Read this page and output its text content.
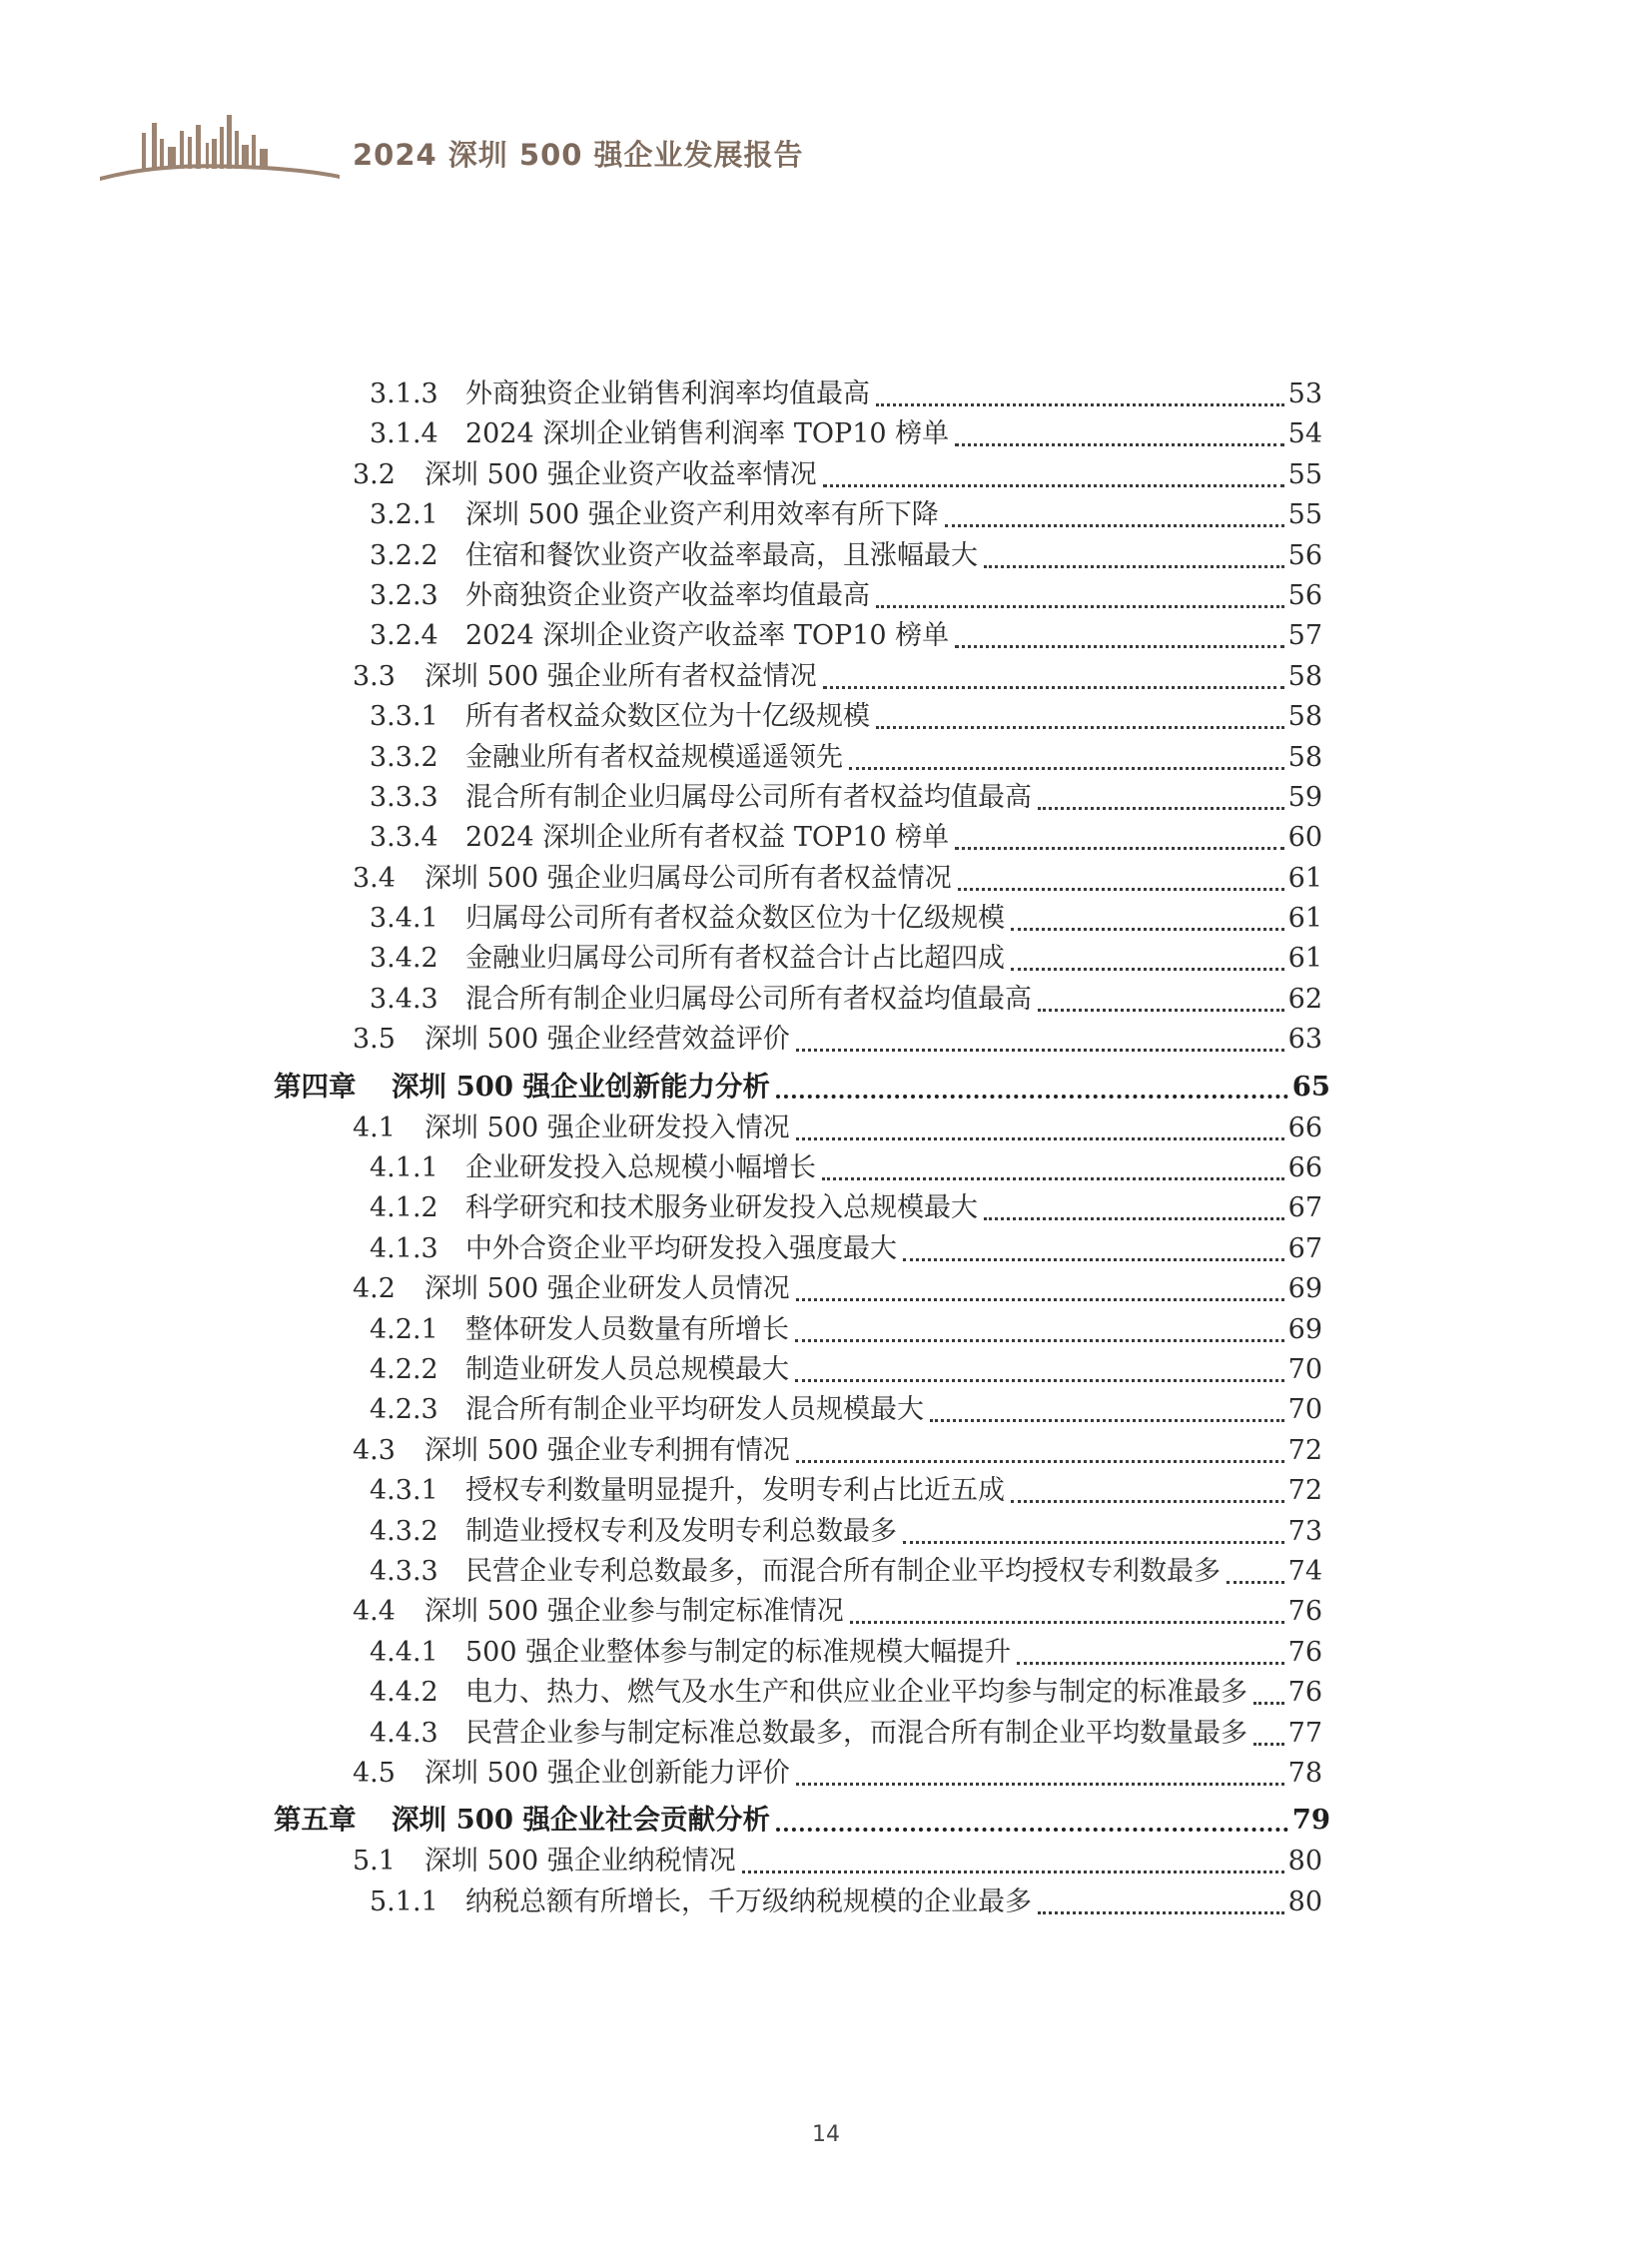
2024 深圳 500 强企业发展报告
3.1.3	外商独资企业销售利润率均值最高	53
3.1.4	2024 深圳企业销售利润率 TOP10 榜单	54
3.2	深圳 500 强企业资产收益率情况	55
3.2.1	深圳 500 强企业资产利用效率有所下降	55
3.2.2	住宿和餐饮业资产收益率最高，且涨幅最大	56
3.2.3	外商独资企业资产收益率均值最高	56
3.2.4	2024 深圳企业资产收益率 TOP10 榜单	57
3.3	深圳 500 强企业所有者权益情况	58
3.3.1	所有者权益众数区位为十亿级规模	58
3.3.2	金融业所有者权益规模遥遥领先	58
3.3.3	混合所有制企业归属母公司所有者权益均值最高	59
3.3.4	2024 深圳企业所有者权益 TOP10 榜单	60
3.4	深圳 500 强企业归属母公司所有者权益情况	61
3.4.1	归属母公司所有者权益众数区位为十亿级规模	61
3.4.2	金融业归属母公司所有者权益合计占比超四成	61
3.4.3	混合所有制企业归属母公司所有者权益均值最高	62
3.5	深圳 500 强企业经营效益评价	63
第四章	深圳 500 强企业创新能力分析	65
4.1	深圳 500 强企业研发投入情况	66
4.1.1	企业研发投入总规模小幅增长	66
4.1.2	科学研究和技术服务业研发投入总规模最大	67
4.1.3	中外合资企业平均研发投入强度最大	67
4.2	深圳 500 强企业研发人员情况	69
4.2.1	整体研发人员数量有所增长	69
4.2.2	制造业研发人员总规模最大	70
4.2.3	混合所有制企业平均研发人员规模最大	70
4.3	深圳 500 强企业专利拥有情况	72
4.3.1	授权专利数量明显提升，发明专利占比近五成	72
4.3.2	制造业授权专利及发明专利总数最多	73
4.3.3	民营企业专利总数最多，而混合所有制企业平均授权专利数最多	74
4.4	深圳 500 强企业参与制定标准情况	76
4.4.1	500 强企业整体参与制定的标准规模大幅提升	76
4.4.2	电力、热力、燃气及水生产和供应业企业平均参与制定的标准最多 76
4.4.3	民营企业参与制定标准总数最多，而混合所有制企业平均数量最多 77
4.5	深圳 500 强企业创新能力评价	78
第五章	深圳 500 强企业社会贡献分析	79
5.1	深圳 500 强企业纳税情况	80
5.1.1	纳税总额有所增长，千万级纳税规模的企业最多	80
14
